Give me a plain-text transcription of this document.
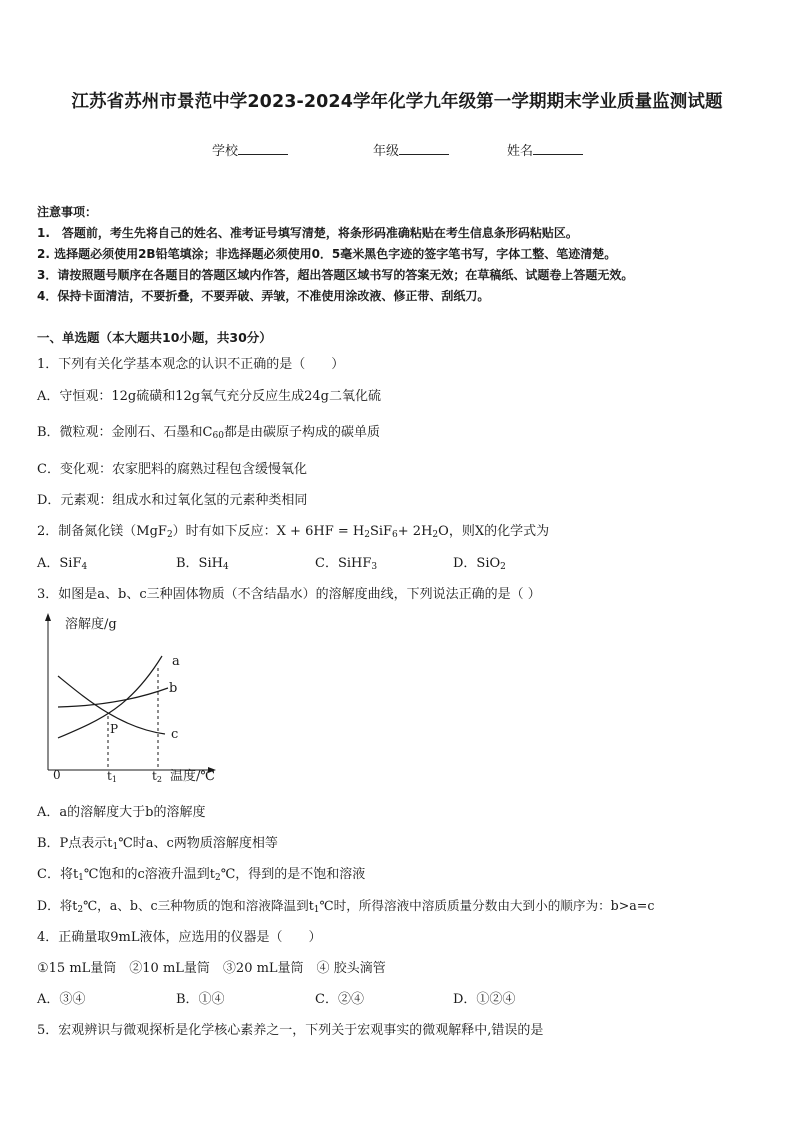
江苏省苏州市景范中学2023-2024学年化学九年级第一学期期末学业质量监测试题
学校	年级	姓名
注意事项：
1.　答题前，考生先将自己的姓名、准考证号填写清楚，将条形码准确粘贴在考生信息条形码粘贴区。
2. 选择题必须使用2B铅笔填涂；非选择题必须使用0．5毫米黑色字迹的签字笔书写，字体工整、笔迹清楚。
3．请按照题号顺序在各题目的答题区域内作答，超出答题区域书写的答案无效；在草稿纸、试题卷上答题无效。
4．保持卡面清洁，不要折叠，不要弄破、弄皱，不准使用涂改液、修正带、刮纸刀。
一、单选题（本大题共10小题，共30分）
1．下列有关化学基本观念的认识不正确的是（　　）
A．守恒观：12g硫磺和12g氧气充分反应生成24g二氧化硫
B．微粒观：金刚石、石墨和$C_{60}$都是由碳原子构成的碳单质
C．变化观：农家肥料的腐熟过程包含缓慢氧化
D．元素观：组成水和过氧化氢的元素种类相同
2．制备氮化镁（MgF$_2$）时有如下反应：$X + 6HF = H_2SiF_6+ 2H_2O$，则X的化学式为
A．SiF$_4$	B．SiH$_4$	C．SiHF$_3$	D．SiO$_2$
3．如图是a、b、c三种固体物质（不含结晶水）的溶解度曲线，下列说法正确的是（ ）
溶解度/g
温度/℃
0
a
b
c
P
t1	t2
A．a的溶解度大于b的溶解度
B．P点表示$t_1℃$时a、c两物质溶解度相等
C．将$t_1℃$饱和的c溶液升温到$t_2℃$，得到的是不饱和溶液
D．将$t_2℃$，a、b、c三种物质的饱和溶液降温到$t_1℃$时，所得溶液中溶质质量分数由大到小的顺序为：b>a=c
4．正确量取9mL液体，应选用的仪器是（　　）
①15 mL量筒　②10 mL量筒　③20 mL量筒　④ 胶头滴管
A．③④	B．①④	C．②④	D．①②④
5．宏观辨识与微观探析是化学核心素养之一，下列关于宏观事实的微观解释中,错误的是
